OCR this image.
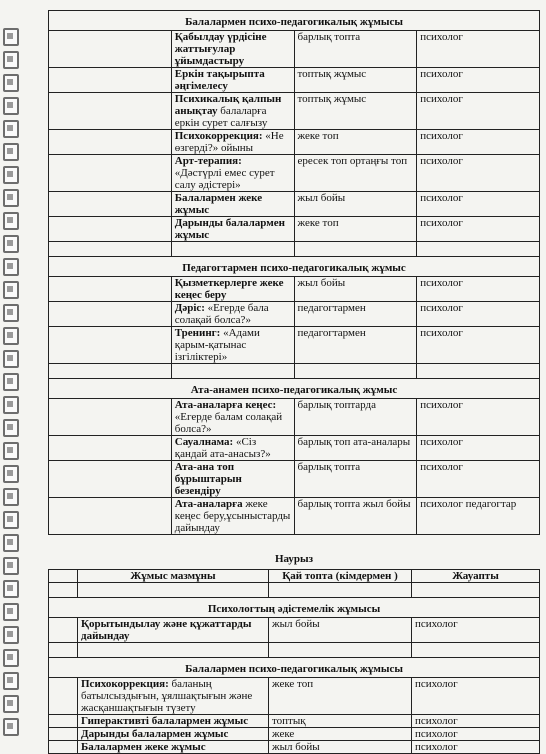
Балалармен психо-педагогикалық жұмысы			
	Қабылдау үрдісіне жаттығулар ұйымдастыру	барлық топта	психолог
	Еркін тақырыпта әңгімелесу	топтық жұмыс	психолог
	Психикалық қалпын анықтау балаларға еркін сурет салғызу	топтық жұмыс	психолог
	Психокоррекция: «Не өзгерді?» ойыны	жеке топ	психолог
	Арт-терапия: «Дәстүрлі емес сурет салу әдістері»	ересек топ ортаңғы топ	психолог
	Балалармен жеке жұмыс	жыл бойы	психолог
	Дарынды балалармен жұмыс	жеке топ	психолог

Педагогтармен психо-педагогикалық жұмыс			
	Қызметкерлерге жеке кеңес беру	жыл бойы	психолог
	Дәріс: «Егерде бала солақай болса?»	педагогтармен	психолог
	Тренинг: «Адами қарым-қатынас ізгіліктері»	педагогтармен	психолог

Ата-анамен психо-педагогикалық жұмыс			
	Ата-аналарға кеңес: «Егерде балам солақай болса?»	барлық топтарда	психолог
	Сауалнама: «Сіз қандай ата-анасыз?»	барлық топ ата-аналары	психолог
	Ата-ана топ бұрыштарын безендіру	барлық топта	психолог
	Ата-аналарға жеке кеңес беру,ұсыныстарды дайындау	барлық топта жыл бойы	психолог педагогтар
Наурыз
	Жұмыс мазмұны	Қай топта (кімдермен )	Жауапты

Психологтың әдістемелік жұмысы			
	Қорытындылау және құжаттарды дайындау	жыл бойы	психолог

Балалармен психо-педагогикалық жұмысы			
	Психокоррекция: баланың батылсыздығын, ұялшақтығын және жасқаншақтығын түзету	жеке топ	психолог
	Гиперактивті балалармен жұмыс	топтық	психолог
	Дарынды балалармен жұмыс	жеке	психолог
	Балалармен жеке жұмыс	жыл бойы	психолог
